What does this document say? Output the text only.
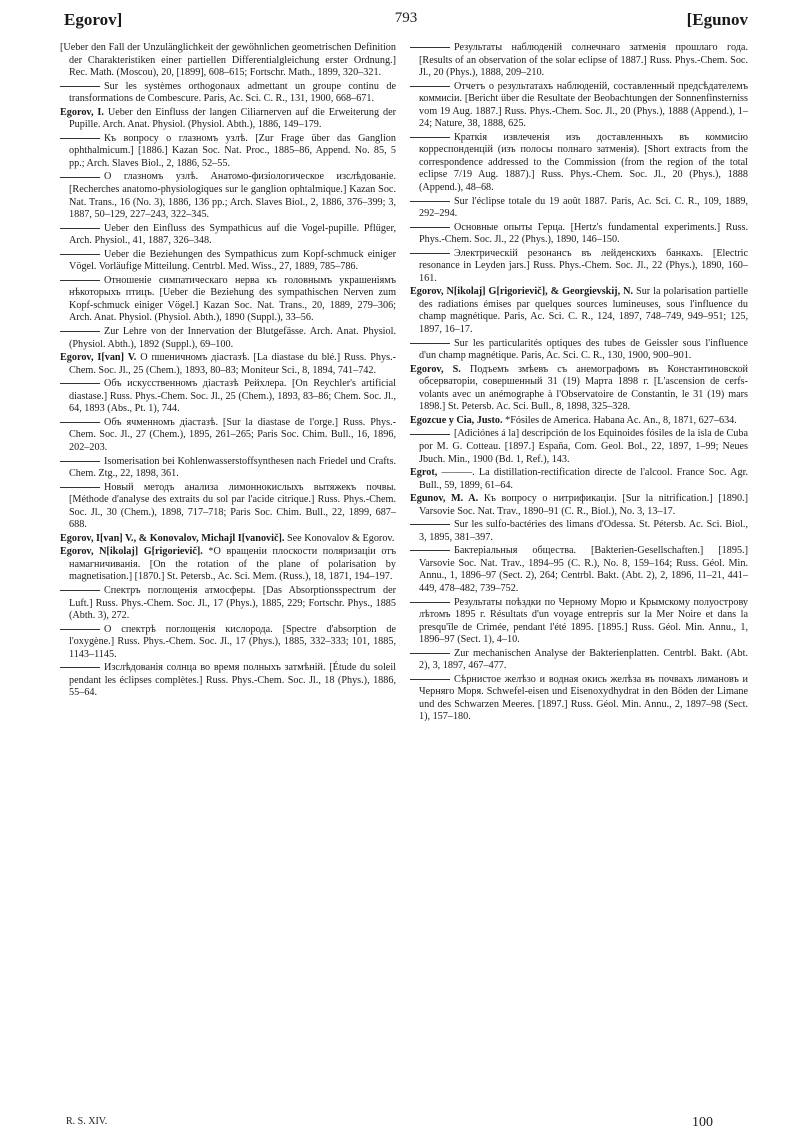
Egorov]	793	[Egunov

[Ueber den Fall der Unzulänglichkeit der gewöhnlichen geometrischen Definition der Charakteristiken einer partiellen Differentialgleichung erster Ordnung.] Rec. Math. (Moscou), 20, [1899], 608–615; Fortschr. Math., 1899, 320–321.

Sur les systèmes orthogonaux admettant un groupe continu de transformations de Combescure. Paris, Ac. Sci. C. R., 131, 1900, 668–671.

Egorov, I. Ueber den Einfluss der langen Ciliarnerven auf die Erweiterung der Pupille. Arch. Anat. Physiol. (Physiol. Abth.), 1886, 149–179.

Къ вопросу о глазномъ узлѣ. [Zur Frage über das Ganglion ophthalmicum.] [1886.] Kazan Soc. Nat. Proc., 1885–86, Append. No. 85, 5 pp.; Arch. Slaves Biol., 2, 1886, 52–55.

О глазномъ узлѣ. Анатомо-физіологическое изслѣдованіе. [Recherches anatomo-physiologiques sur le ganglion ophtalmique.] Kazan Soc. Nat. Trans., 16 (No. 3), 1886, 136 pp.; Arch. Slaves Biol., 2, 1886, 376–399; 3, 1887, 50–129, 227–243, 322–345.

Ueber den Einfluss des Sympathicus auf die Vogel-pupille. Pflüger, Arch. Physiol., 41, 1887, 326–348.

Ueber die Beziehungen des Sympathicus zum Kopf-schmuck einiger Vögel. Vorläufige Mitteilung. Centrbl. Med. Wiss., 27, 1889, 785–786.

Отношеніе симпатическаго нерва къ головнымъ украшеніямъ нѣкоторыхъ птицъ. [Ueber die Beziehung des sympathischen Nerven zum Kopf-schmuck einiger Vögel.] Kazan Soc. Nat. Trans., 20, 1889, 279–306; Arch. Anat. Physiol. (Physiol. Abth.), 1890 (Suppl.), 33–56.

Zur Lehre von der Innervation der Blutgefässe. Arch. Anat. Physiol. (Physiol. Abth.), 1892 (Suppl.), 69–100.

Egorov, I[van] V. О пшеничномъ діастазѣ. [La diastase du blé.] Russ. Phys.-Chem. Soc. Jl., 25 (Chem.), 1893, 80–83; Moniteur Sci., 8, 1894, 741–742.

Объ искусственномъ діастазѣ Рейхлера. [On Reychler's artificial diastase.] Russ. Phys.-Chem. Soc. Jl., 25 (Chem.), 1893, 83–86; Chem. Soc. Jl., 64, 1893 (Abs., Pt. 1), 744.

Объ ячменномъ діастазѣ. [Sur la diastase de l'orge.] Russ. Phys.-Chem. Soc. Jl., 27 (Chem.), 1895, 261–265; Paris Soc. Chim. Bull., 16, 1896, 202–203.

Isomerisation bei Kohlenwasserstoffsynthesen nach Friedel und Crafts. Chem. Ztg., 22, 1898, 361.

Новый методъ анализа лимоннокислыхъ вытяжекъ почвы. [Méthode d'analyse des extraits du sol par l'acide citrique.] Russ. Phys.-Chem. Soc. Jl., 30 (Chem.), 1898, 717–718; Paris Soc. Chim. Bull., 22, 1899, 687–688.

Egorov, I[van] V., & Konovalov, Michajl I[vanovič]. See Konovalov & Egorov.

Egorov, N[ikolaj] G[rigorievič]. *О вращеніи плоскости поляризаціи отъ намагничиванія. [On the rotation of the plane of polarisation by magnetisation.] [1870.] St. Petersb., Ac. Sci. Mem. (Russ.), 18, 1871, 194–197.

Спектръ поглощенія атмосферы. [Das Absorptionsspectrum der Luft.] Russ. Phys.-Chem. Soc. Jl., 17 (Phys.), 1885, 229; Fortschr. Phys., 1885 (Abth. 3), 272.

О спектрѣ поглощенія кислорода. [Spectre d'absorption de l'oxygène.] Russ. Phys.-Chem. Soc. Jl., 17 (Phys.), 1885, 332–333; 101, 1885, 1143–1145.

Изслѣдованія солнца во время полныхъ затмѣній. [Étude du soleil pendant les éclipses complètes.] Russ. Phys.-Chem. Soc. Jl., 18 (Phys.), 1886, 55–64.

Результаты наблюденій солнечнаго затменія прошлаго года. [Results of an observation of the solar eclipse of 1887.] Russ. Phys.-Chem. Soc. Jl., 20 (Phys.), 1888, 209–210.

Отчетъ о результатахъ наблюденій, составленный предсѣдателемъ коммисіи. [Bericht über die Resultate der Beobachtungen der Sonnenfinsterniss vom 19 Aug. 1887.] Russ. Phys.-Chem. Soc. Jl., 20 (Phys.), 1888 (Append.), 1–24; Nature, 38, 1888, 625.

Краткія извлеченія изъ доставленныхъ въ коммисію корреспонденцій (изъ полосы полнаго затменія). [Short extracts from the correspondence addressed to the Commission (from the region of the total eclipse 7/19 Aug. 1887).] Russ. Phys.-Chem. Soc. Jl., 20 (Phys.), 1888 (Append.), 48–68.

Sur l'éclipse totale du 19 août 1887. Paris, Ac. Sci. C. R., 109, 1889, 292–294.

Основные опыты Герца. [Hertz's fundamental experiments.] Russ. Phys.-Chem. Soc. Jl., 22 (Phys.), 1890, 146–150.

Электрическій резонансъ въ лейденскихъ банкахъ. [Electric resonance in Leyden jars.] Russ. Phys.-Chem. Soc. Jl., 22 (Phys.), 1890, 160–161.

Egorov, N[ikolaj] G[rigorievič], & Georgievskij, N. Sur la polarisation partielle des radiations émises par quelques sources lumineuses, sous l'influence du champ magnétique. Paris, Ac. Sci. C. R., 124, 1897, 748–749, 949–951; 125, 1897, 16–17.

Sur les particularités optiques des tubes de Geissler sous l'influence d'un champ magnétique. Paris, Ac. Sci. C. R., 130, 1900, 900–901.

Egorov, S. Подъемъ змѣевъ съ анемографомъ въ Константиновской обсерваторіи, совершенный 31 (19) Марта 1898 г. [L'ascension de cerfs-volants avec un anémographe à l'Observatoire de Constantin, le 31 (19) mars 1898.] St. Petersb. Ac. Sci. Bull., 8, 1898, 325–328.

Egozcue y Cia, Justo. *Fósiles de America. Habana Ac. An., 8, 1871, 627–634.

[Adiciónes á la] descripción de los Equinoides fósiles de la isla de Cuba por M. G. Cotteau. [1897.] España, Com. Geol. Bol., 22, 1897, 1–99; Neues Jbuch. Min., 1900 (Bd. 1, Ref.), 143.

Egrot, ———. La distillation-rectification directe de l'alcool. France Soc. Agr. Bull., 59, 1899, 61–64.

Egunov, M. A. Къ вопросу о нитрификаціи. [Sur la nitrification.] [1890.] Varsovie Soc. Nat. Trav., 1890–91 (C. R., Biol.), No. 3, 13–17.

Sur les sulfo-bactéries des limans d'Odessa. St. Pétersb. Ac. Sci. Biol., 3, 1895, 381–397.

Бактеріальныя общества. [Bakterien-Gesellschaften.] [1895.] Varsovie Soc. Nat. Trav., 1894–95 (C. R.), No. 8, 159–164; Russ. Géol. Min. Annu., 1, 1896–97 (Sect. 2), 264; Centrbl. Bakt. (Abt. 2), 2, 1896, 11–21, 441–449, 478–482, 739–752.

Результаты поѣздки по Черному Морю и Крымскому полуострову лѣтомъ 1895 г. Résultats d'un voyage entrepris sur la Mer Noire et dans la presqu'île de Crimée, pendant l'été 1895. [1895.] Russ. Géol. Min. Annu., 1, 1896–97 (Sect. 1), 4–10.

Zur mechanischen Analyse der Bakterienplatten. Centrbl. Bakt. (Abt. 2), 3, 1897, 467–477.

Сѣрнистое желѣзо и водная окись желѣза въ почвахъ лимановъ и Черняго Моря. Schwefel-eisen und Eisenoxydhydrat in den Böden der Limane und des Schwarzen Meeres. [1897.] Russ. Géol. Min. Annu., 2, 1897–98 (Sect. 1), 157–180.

R. S. XIV.	100
